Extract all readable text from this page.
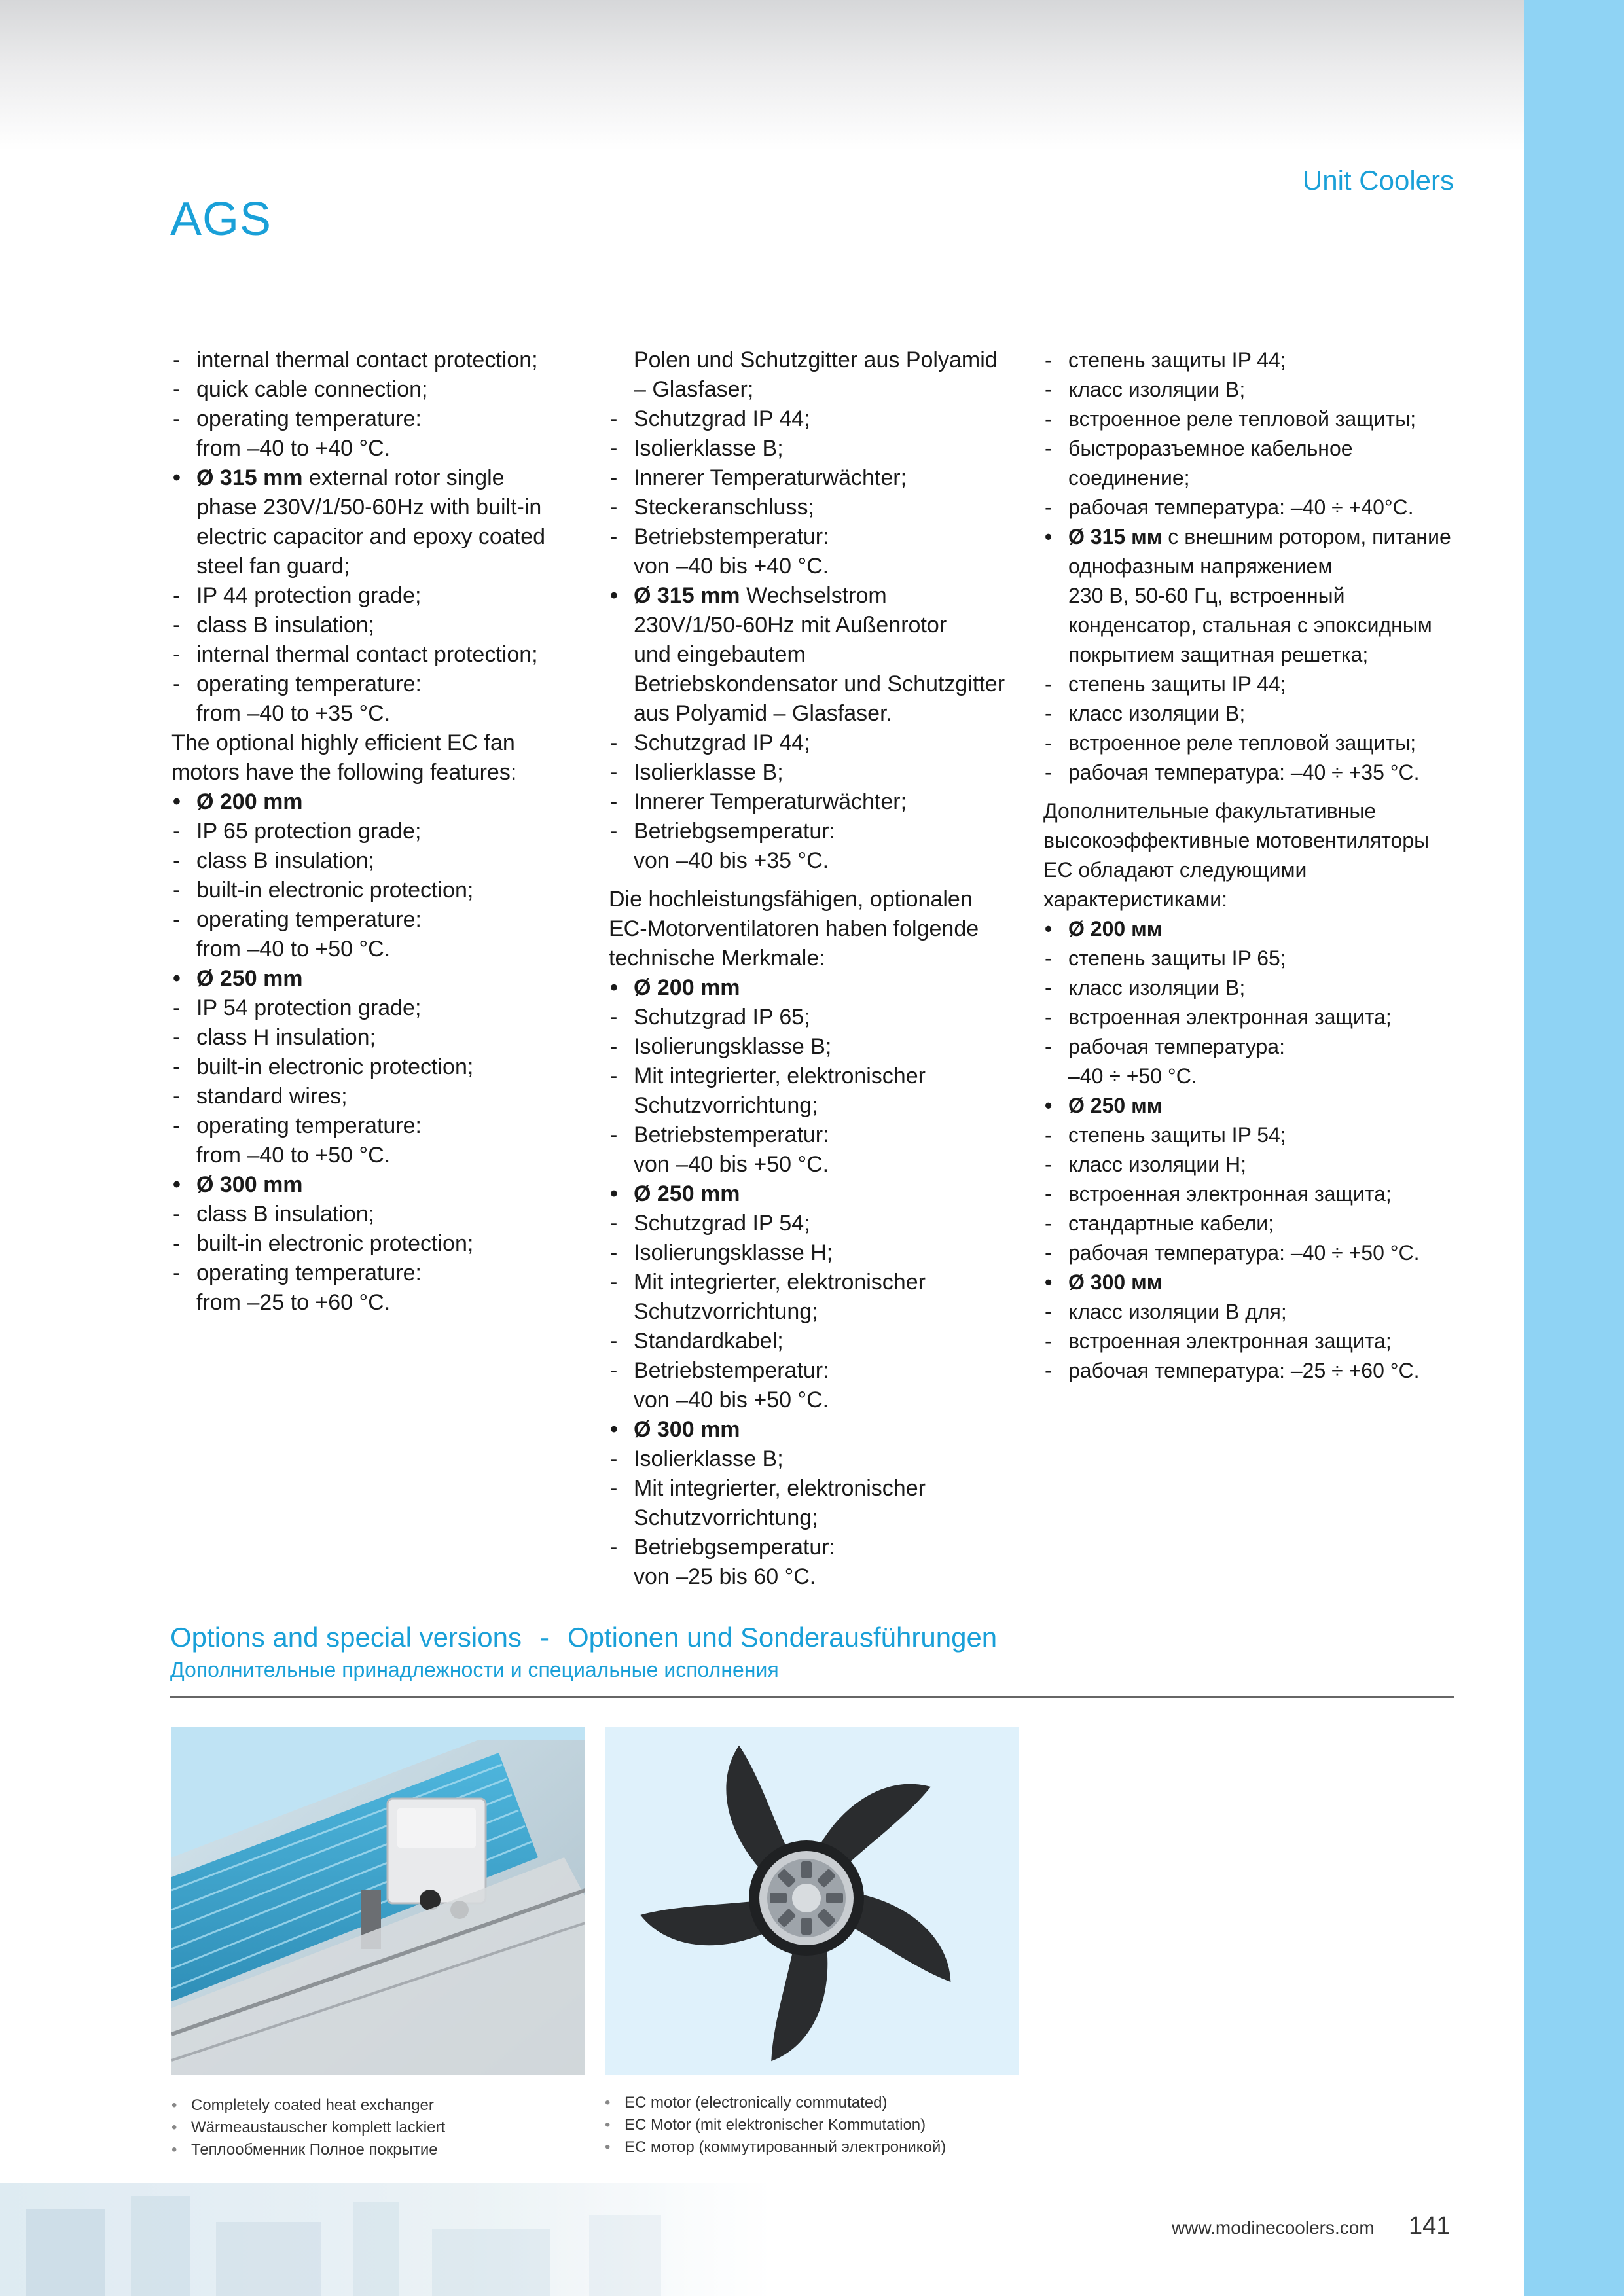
AGS
Unit Coolers
- internal thermal contact protection;
- quick cable connection;
- operating temperature:
from –40 to +40 °C.
• Ø 315 mm external rotor single
phase 230V/1/50-60Hz with built-in
electric capacitor and epoxy coated
steel fan guard;
- IP 44 protection grade;
- class B insulation;
- internal thermal contact protection;
- operating temperature:
from –40 to +35 °C.
The optional highly efficient EC fan
motors have the following features:
• Ø 200 mm
- IP 65 protection grade;
- class B insulation;
- built-in electronic protection;
- operating temperature:
from –40 to +50 °C.
• Ø 250 mm
- IP 54 protection grade;
- class H insulation;
- built-in electronic protection;
- standard wires;
- operating temperature:
from –40 to +50 °C.
• Ø 300 mm
- class B insulation;
- built-in electronic protection;
- operating temperature:
from –25 to +60 °C.
Polen und Schutzgitter aus Polyamid
– Glasfaser;
- Schutzgrad IP 44;
- Isolierklasse B;
- Innerer Temperaturwächter;
- Steckeranschluss;
- Betriebstemperatur:
von –40 bis +40 °C.
• Ø 315 mm Wechselstrom
230V/1/50-60Hz mit Außenrotor
und eingebautem
Betriebskondensator und Schutzgitter
aus Polyamid – Glasfaser.
- Schutzgrad IP 44;
- Isolierklasse B;
- Innerer Temperaturwächter;
- Betriebgsemperatur:
von –40 bis +35 °C.
Die hochleistungsfähigen, optionalen
EC-Motorventilatoren haben folgende
technische Merkmale:
• Ø 200 mm
- Schutzgrad IP 65;
- Isolierungsklasse B;
- Mit integrierter, elektronischer
Schutzvorrichtung;
- Betriebstemperatur:
von –40 bis +50 °C.
• Ø 250 mm
- Schutzgrad IP 54;
- Isolierungsklasse H;
- Mit integrierter, elektronischer
Schutzvorrichtung;
- Standardkabel;
- Betriebstemperatur:
von –40 bis +50 °C.
• Ø 300 mm
- Isolierklasse B;
- Mit integrierter, elektronischer
Schutzvorrichtung;
- Betriebgsemperatur:
von –25 bis 60 °C.
- степень защиты IP 44;
- класс изоляции B;
- встроенное реле тепловой защиты;
- быстроразъемное кабельное соединение;
- рабочая температура: –40 ÷ +40°C.
• Ø 315 мм с внешним ротором, питание
однофазным напряжением
230 В, 50-60 Гц, встроенный
конденсатор, стальная с эпоксидным
покрытием защитная решетка;
- степень защиты IP 44;
- класс изоляции B;
- встроенное реле тепловой защиты;
- рабочая температура: –40 ÷ +35 °C.
Дополнительные факультативные
высокоэффективные мотовентиляторы
EC обладают следующими
характеристиками:
• Ø 200 мм
- степень защиты IP 65;
- класс изоляции B;
- встроенная электронная защита;
- рабочая температура:
–40 ÷ +50 °C.
• Ø 250 мм
- степень защиты IP 54;
- класс изоляции H;
- встроенная электронная защита;
- стандартные кабели;
- рабочая температура: –40 ÷ +50 °C.
• Ø 300 мм
- класс изоляции B для;
- встроенная электронная защита;
- рабочая температура: –25 ÷ +60 °C.
Options and special versions - Optionen und Sonderausführungen
Дополнительные принадлежности и специальные исполнения
• Completely coated heat exchanger
• Wärmeaustauscher komplett lackiert
• Теплообменник Полное покрытие
• EC motor (electronically commutated)
• EC Motor (mit elektronischer Kommutation)
• EC мотор (коммутированный электроникой)
www.modinecoolers.com 141
